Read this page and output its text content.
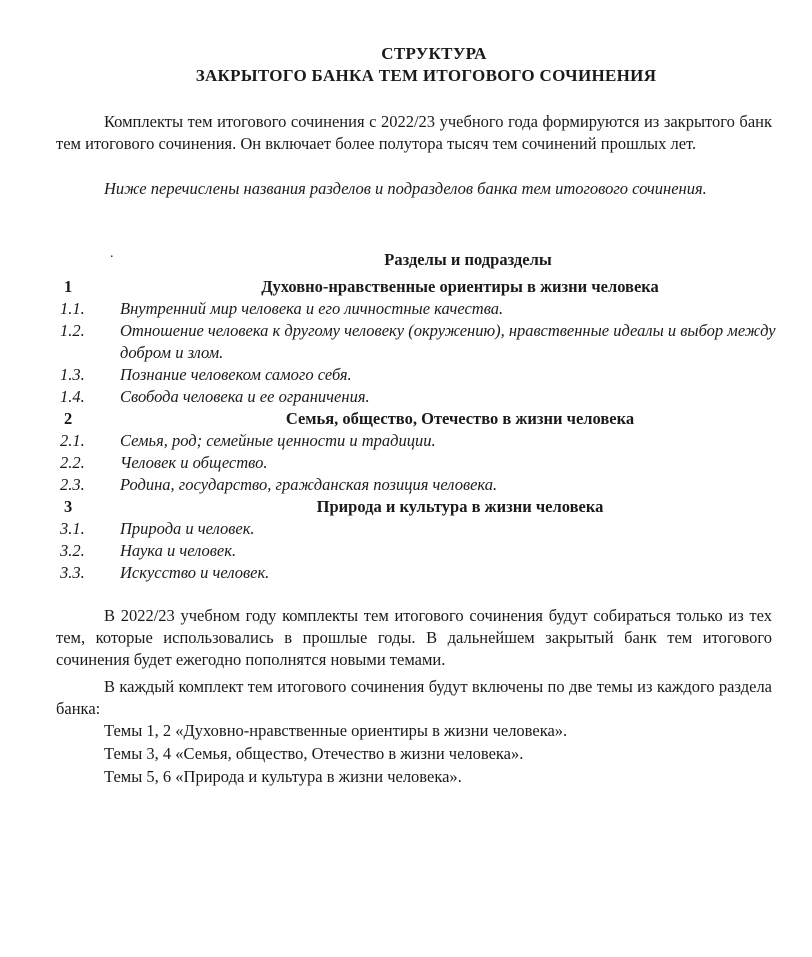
СТРУКТУРА
ЗАКРЫТОГО БАНКА ТЕМ ИТОГОВОГО СОЧИНЕНИЯ

Комплекты тем итогового сочинения с 2022/23 учебного года формируются из закрытого банк тем итогового сочинения. Он включает более полутора тысяч тем сочинений прошлых лет.

Ниже перечислены названия разделов и подразделов банка тем итогового сочинения.

.	Разделы и подразделы
1	Духовно-нравственные ориентиры в жизни человека
1.1.	Внутренний мир человека и его личностные качества.
1.2.	Отношение человека к другому человеку (окружению), нравственные идеалы и выбор между добром и злом.
1.3.	Познание человеком самого себя.
1.4.	Свобода человека и ее ограничения.
2	Семья, общество, Отечество в жизни человека
2.1.	Семья, род; семейные ценности и традиции.
2.2.	Человек и общество.
2.3.	Родина, государство, гражданская позиция человека.
3	Природа и культура в жизни человека
3.1.	Природа и человек.
3.2.	Наука и человек.
3.3.	Искусство и человек.

В 2022/23 учебном году комплекты тем итогового сочинения будут собираться только из тех тем, которые использовались в прошлые годы. В дальнейшем закрытый банк тем итогового сочинения будет ежегодно пополнятся новыми темами.

В каждый комплект тем итогового сочинения будут включены по две темы из каждого раздела банка:

Темы 1, 2 «Духовно-нравственные ориентиры в жизни человека».
Темы 3, 4 «Семья, общество, Отечество в жизни человека».
Темы 5, 6 «Природа и культура в жизни человека».
